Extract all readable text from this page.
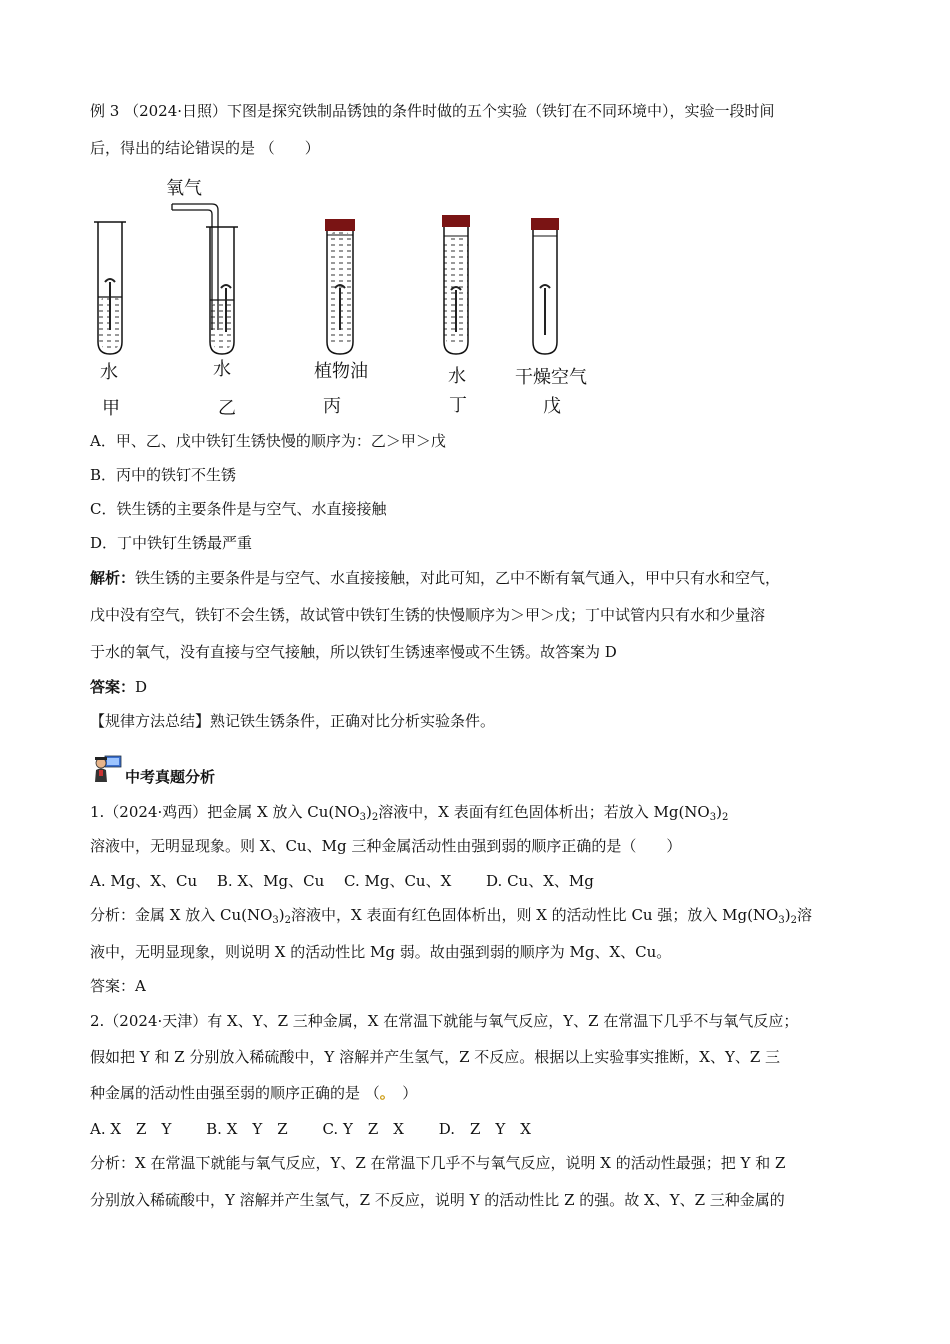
例 3 （2024·日照）下图是探究铁制品锈蚀的条件时做的五个实验（铁钉在不同环境中），实验一段时间
后，得出的结论错误的是 （　　）
氧气
水
甲
水
乙
植物油
丙
水
丁
干燥空气
戊
A．甲、乙、戊中铁钉生锈快慢的顺序为：乙＞甲＞戊
B．丙中的铁钉不生锈
C．铁生锈的主要条件是与空气、水直接接触
D．丁中铁钉生锈最严重
解析：铁生锈的主要条件是与空气、水直接接触，对此可知，乙中不断有氧气通入，甲中只有水和空气，
戊中没有空气，铁钉不会生锈，故试管中铁钉生锈的快慢顺序为＞甲＞戊；丁中试管内只有水和少量溶
于水的氧气，没有直接与空气接触，所以铁钉生锈速率慢或不生锈。故答案为 D
答案：D
【规律方法总结】熟记铁生锈条件，正确对比分析实验条件。
中考真题分析
1.（2024·鸡西）把金属 X 放入 $Cu(NO_3)_2$溶液中，X 表面有红色固体析出；若放入 $Mg(NO_3)_2$
溶液中，无明显现象。则 X、Cu、Mg 三种金属活动性由强到弱的顺序正确的是（　　）
A. Mg、X、Cu　 B. X、Mg、Cu　 C. Mg、Cu、X　　 D. Cu、X、Mg
分析：金属 X 放入 $Cu(NO_3)_2$溶液中，X 表面有红色固体析出，则 X 的活动性比 Cu 强；放入 $Mg(NO_3)_2$溶
液中，无明显现象，则说明 X 的活动性比 Mg 弱。故由强到弱的顺序为 Mg、X、Cu。
答案：A
2.（2024·天津）有 X、Y、Z 三种金属，X 在常温下就能与氧气反应，Y、Z 在常温下几乎不与氧气反应；
假如把 Y 和 Z 分别放入稀硫酸中，Y 溶解并产生氢气，Z 不反应。根据以上实验事实推断，X、Y、Z 三
种金属的活动性由强至弱的顺序正确的是 （。　）
A. X　Z　Y　　 B. X　Y　Z　　 C. Y　Z　X　　 D.　Z　Y　X
分析：X 在常温下就能与氧气反应，Y、Z 在常温下几乎不与氧气反应，说明 X 的活动性最强；把 Y 和 Z
分别放入稀硫酸中，Y 溶解并产生氢气，Z 不反应，说明 Y 的活动性比 Z 的强。故 X、Y、Z 三种金属的
